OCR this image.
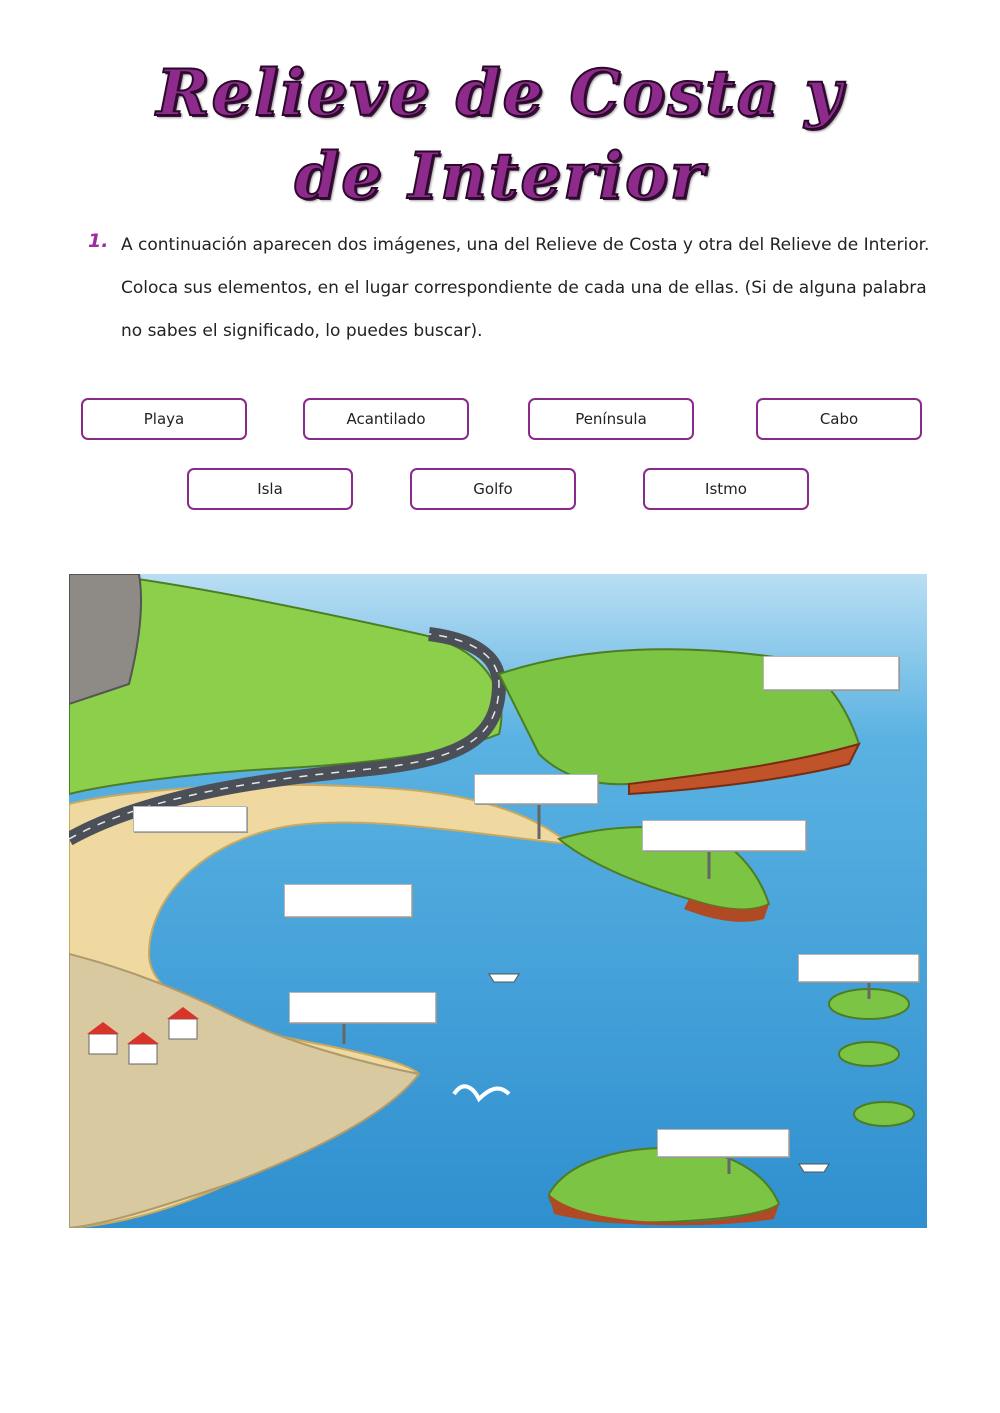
Relieve de Costa y
de Interior
1. A continuación aparecen dos imágenes, una del Relieve de Costa y otra del Relieve de Interior. Coloca sus elementos, en el lugar correspondiente de cada una de ellas. (Si de alguna palabra no sabes el significado, lo puedes buscar).

Playa	Acantilado	Península	Cabo
Isla	Golfo	Istmo
